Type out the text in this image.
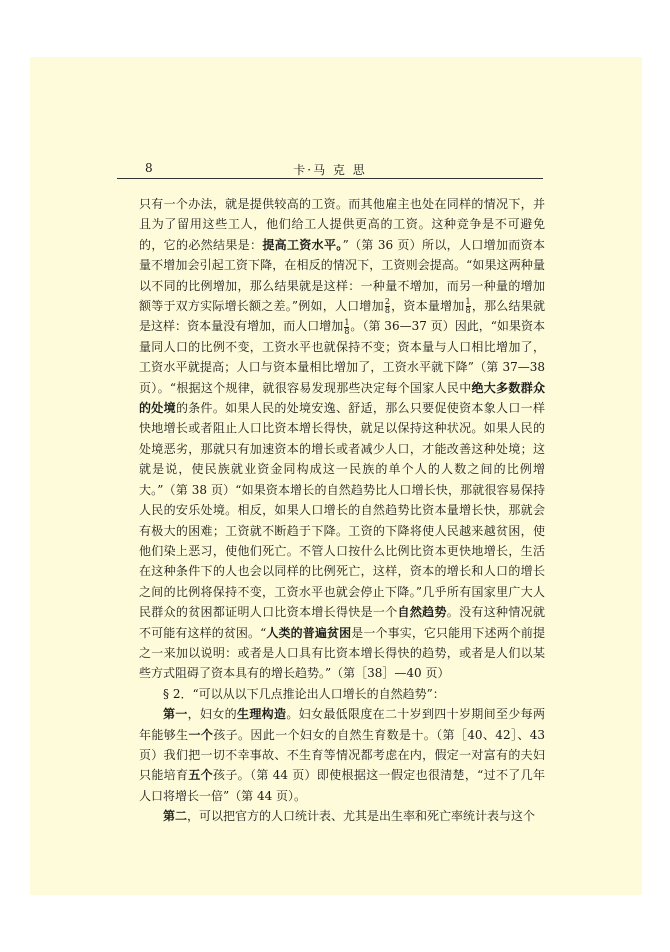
8	卡·马 克 思

只有一个办法，就是提供较高的工资。而其他雇主也处在同样的情况下，并且为了留用这些工人，他们给工人提供更高的工资。这种竞争是不可避免的，它的必然结果是：提高工资水平。”（第 36 页）所以，人口增加而资本量不增加会引起工资下降，在相反的情况下，工资则会提高。“如果这两种量以不同的比例增加，那么结果就是这样：一种量不增加，而另一种量的增加额等于双方实际增长额之差。”例如，人口增加 $\frac{2}{8}$ ，资本量增加 $\frac{1}{8}$ ，那么结果就是这样：资本量没有增加，而人口增加 $\frac{1}{8}$ 。（第 36—37 页）因此，“如果资本量同人口的比例不变，工资水平也就保持不变；资本量与人口相比增加了，工资水平就提高；人口与资本量相比增加了，工资水平就下降”（第 37—38 页）。“根据这个规律，就很容易发现那些决定每个国家人民中绝大多数群众的处境的条件。如果人民的处境安逸、舒适，那么只要促使资本象人口一样快地增长或者阻止人口比资本增长得快，就足以保持这种状况。如果人民的处境恶劣，那就只有加速资本的增长或者减少人口，才能改善这种处境；这就是说，使民族就业资金同构成这一民族的单个人的人数之间的比例增大。”（第 38 页）“如果资本增长的自然趋势比人口增长快，那就很容易保持人民的安乐处境。相反，如果人口增长的自然趋势比资本量增长快，那就会有极大的困难；工资就不断趋于下降。工资的下降将使人民越来越贫困，使他们染上恶习，使他们死亡。不管人口按什么比例比资本更快地增长，生活在这种条件下的人也会以同样的比例死亡，这样，资本的增长和人口的增长之间的比例将保持不变，工资水平也就会停止下降。”几乎所有国家里广大人民群众的贫困都证明人口比资本增长得快是一个自然趋势。没有这种情况就不可能有这样的贫困。“人类的普遍贫困是一个事实，它只能用下述两个前提之一来加以说明：或者是人口具有比资本增长得快的趋势，或者是人们以某些方式阻碍了资本具有的增长趋势。”（第［38］—40 页）

§ 2．“可以从以下几点推论出人口增长的自然趋势”：

第一，妇女的生理构造。妇女最低限度在二十岁到四十岁期间至少每两年能够生一个孩子。因此一个妇女的自然生育数是十。（第［40、42］、43 页）我们把一切不幸事故、不生育等情况都考虑在内，假定一对富有的夫妇只能培育五个孩子。（第 44 页）即使根据这一假定也很清楚，“过不了几年人口将增长一倍”（第 44 页）。

第二，可以把官方的人口统计表、尤其是出生率和死亡率统计表与这个
